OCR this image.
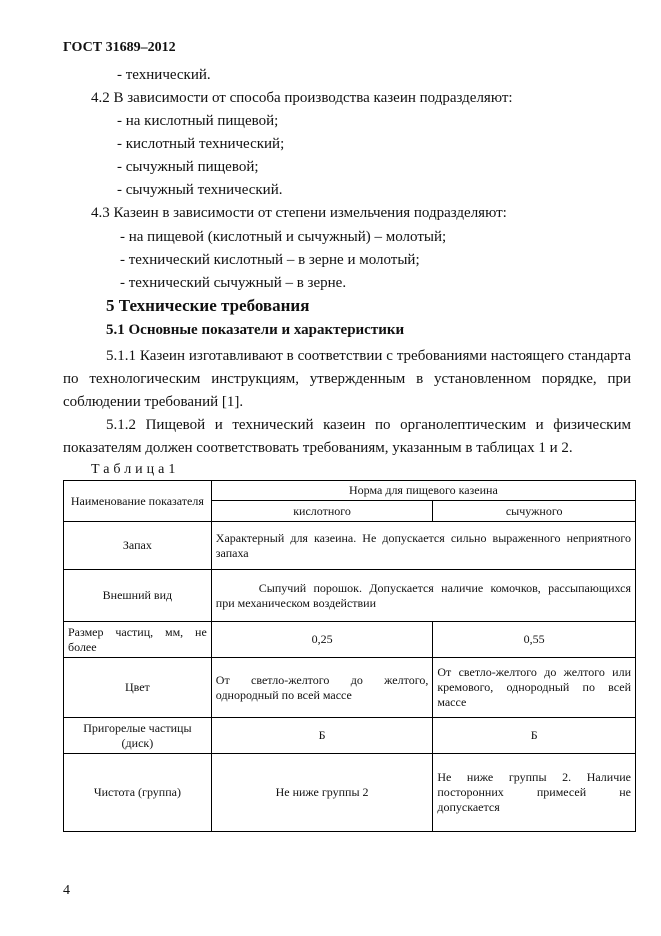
ГОСТ 31689–2012
- технический.
4.2 В зависимости от способа производства казеин подразделяют:
- на кислотный пищевой;
- кислотный технический;
- сычужный пищевой;
- сычужный технический.
4.3 Казеин в зависимости от степени измельчения подразделяют:
- на пищевой (кислотный и сычужный) – молотый;
- технический кислотный – в зерне и молотый;
- технический сычужный – в зерне.
5 Технические требования
5.1 Основные показатели и характеристики
5.1.1 Казеин изготавливают в соответствии с требованиями настоящего стандарта по технологическим инструкциям, утвержденным в установленном порядке, при соблюдении требований [1].
5.1.2 Пищевой и технический казеин по органолептическим и физическим показателям должен соответствовать требованиям, указанным в таблицах 1 и 2.
Таблица1
Наименование показателя	Норма для пищевого казеина	
	кислотного	сычужного
Запах	Характерный для казеина. Не допускается сильно выраженного неприятного запаха	
Внешний вид	Сыпучий порошок. Допускается наличие комочков, рассыпающихся при механическом воздействии	
Размер частиц, мм, не более	0,25	0,55
Цвет	От светло-желтого до желтого, однородный по всей массе	От светло-желтого до желтого или кремового, однородный по всей массе
Пригорелые частицы (диск)	Б	Б
Чистота (группа)	Не ниже группы 2	Не ниже группы 2. Наличие посторонних примесей не допускается
4
